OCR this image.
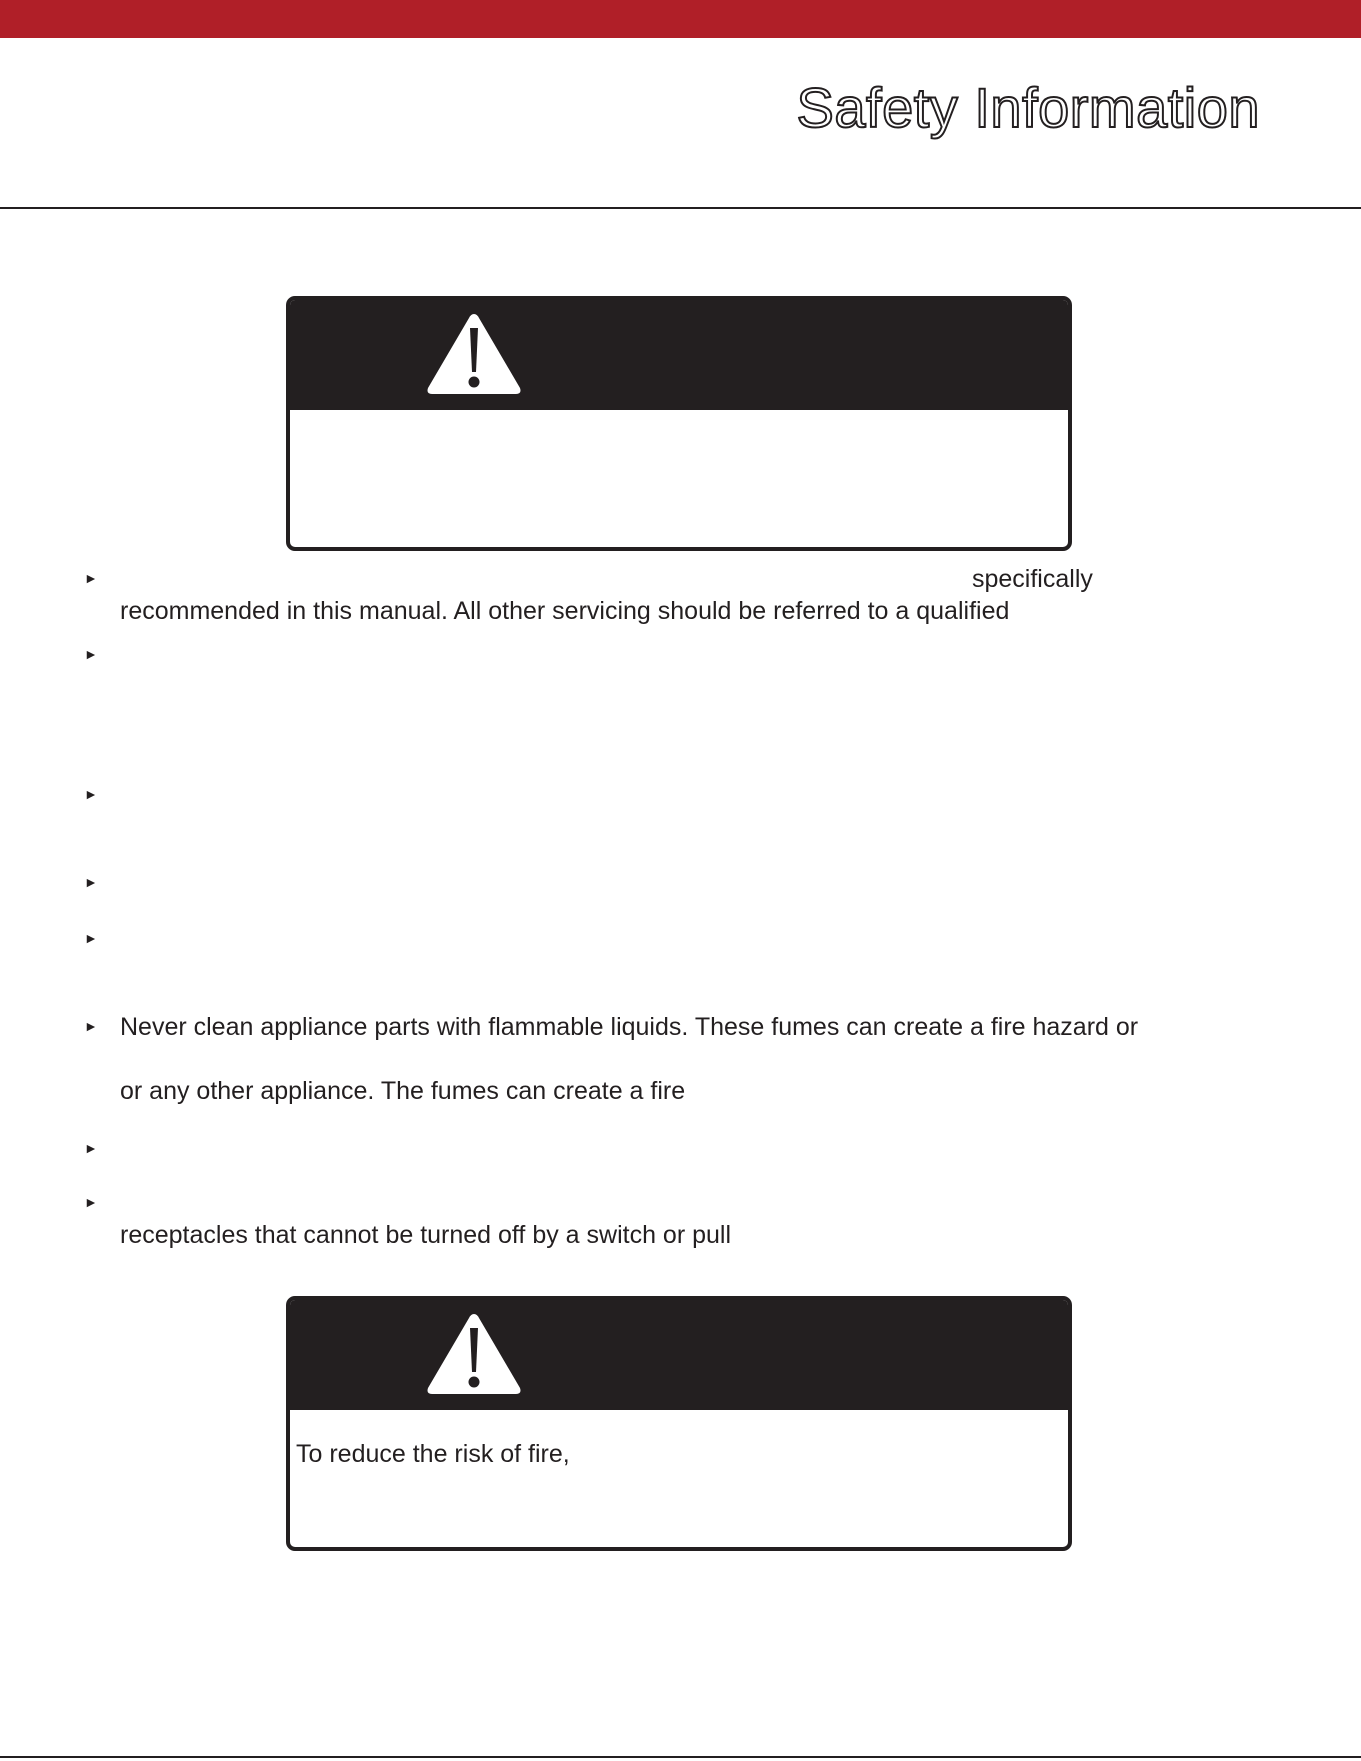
Safety Information
►	specifically
recommended in this manual. All other servicing should be referred to a qualified
►
►
►
►
► Never clean appliance parts with flammable liquids. These fumes can create a fire hazard or
or any other appliance. The fumes can create a fire
►
►
receptacles that cannot be turned off by a switch or pull
To reduce the risk of fire,
